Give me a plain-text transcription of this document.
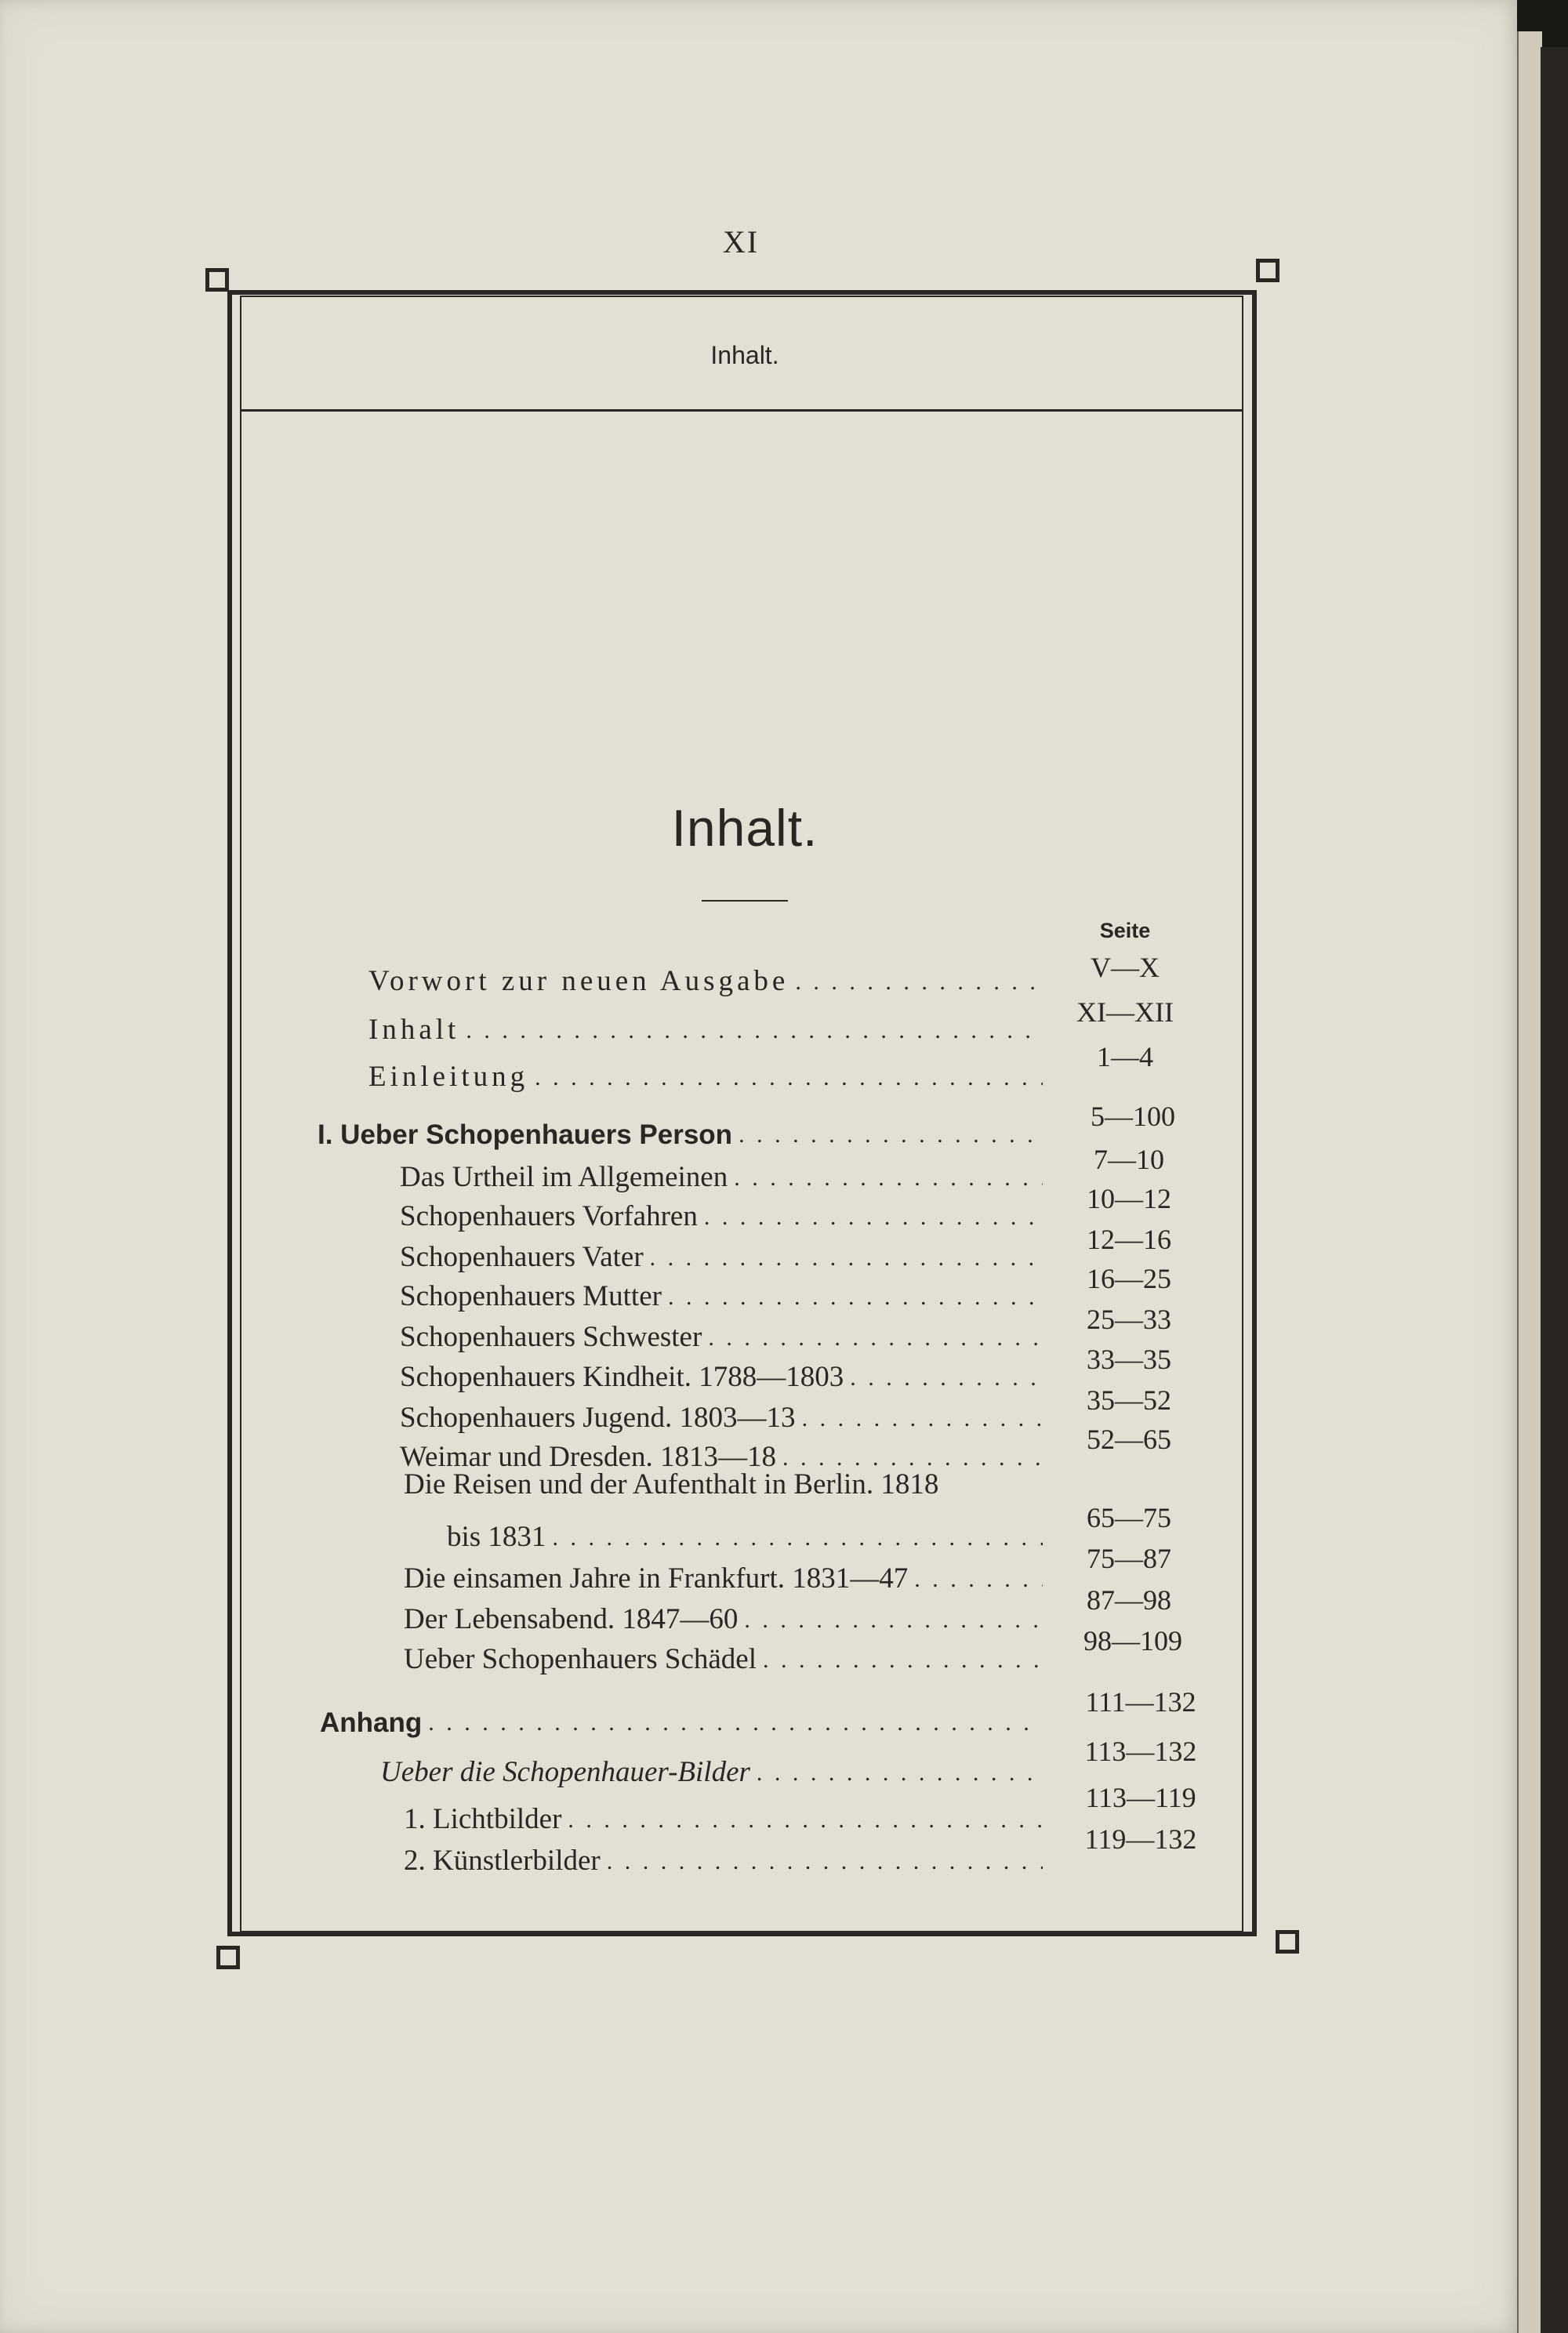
XI
Inhalt.
Inhalt.
Seite
Vorwort zur neuen Ausgabe
. . .	V—X
Inhalt
. . .
XI—XII
Einleitung
. . .
1—4
I. Ueber Schopenhauers Person
. . .
5—100
Das Urtheil im Allgemeinen
. . .
7—10
Schopenhauers Vorfahren
. . .
10—12
Schopenhauers Vater
. . .
12—16
Schopenhauers Mutter
. . .
16—25
Schopenhauers Schwester
. . .
25—33
Schopenhauers Kindheit. 1788—1803
. . .
33—35
Schopenhauers Jugend. 1803—13
. . .
35—52
Weimar und Dresden. 1813—18
. . .
52—65
Die Reisen und der Aufenthalt in Berlin. 1818
bis 1831
. . .
65—75
Die einsamen Jahre in Frankfurt. 1831—47
. . .
75—87
Der Lebensabend. 1847—60
. . .
87—98
Ueber Schopenhauers Schädel
. . .
98—109
Anhang
. . .
111—132
Ueber die Schopenhauer-Bilder
. . .
113—132
1. Lichtbilder
. . .
113—119
2. Künstlerbilder
. . .
119—132
